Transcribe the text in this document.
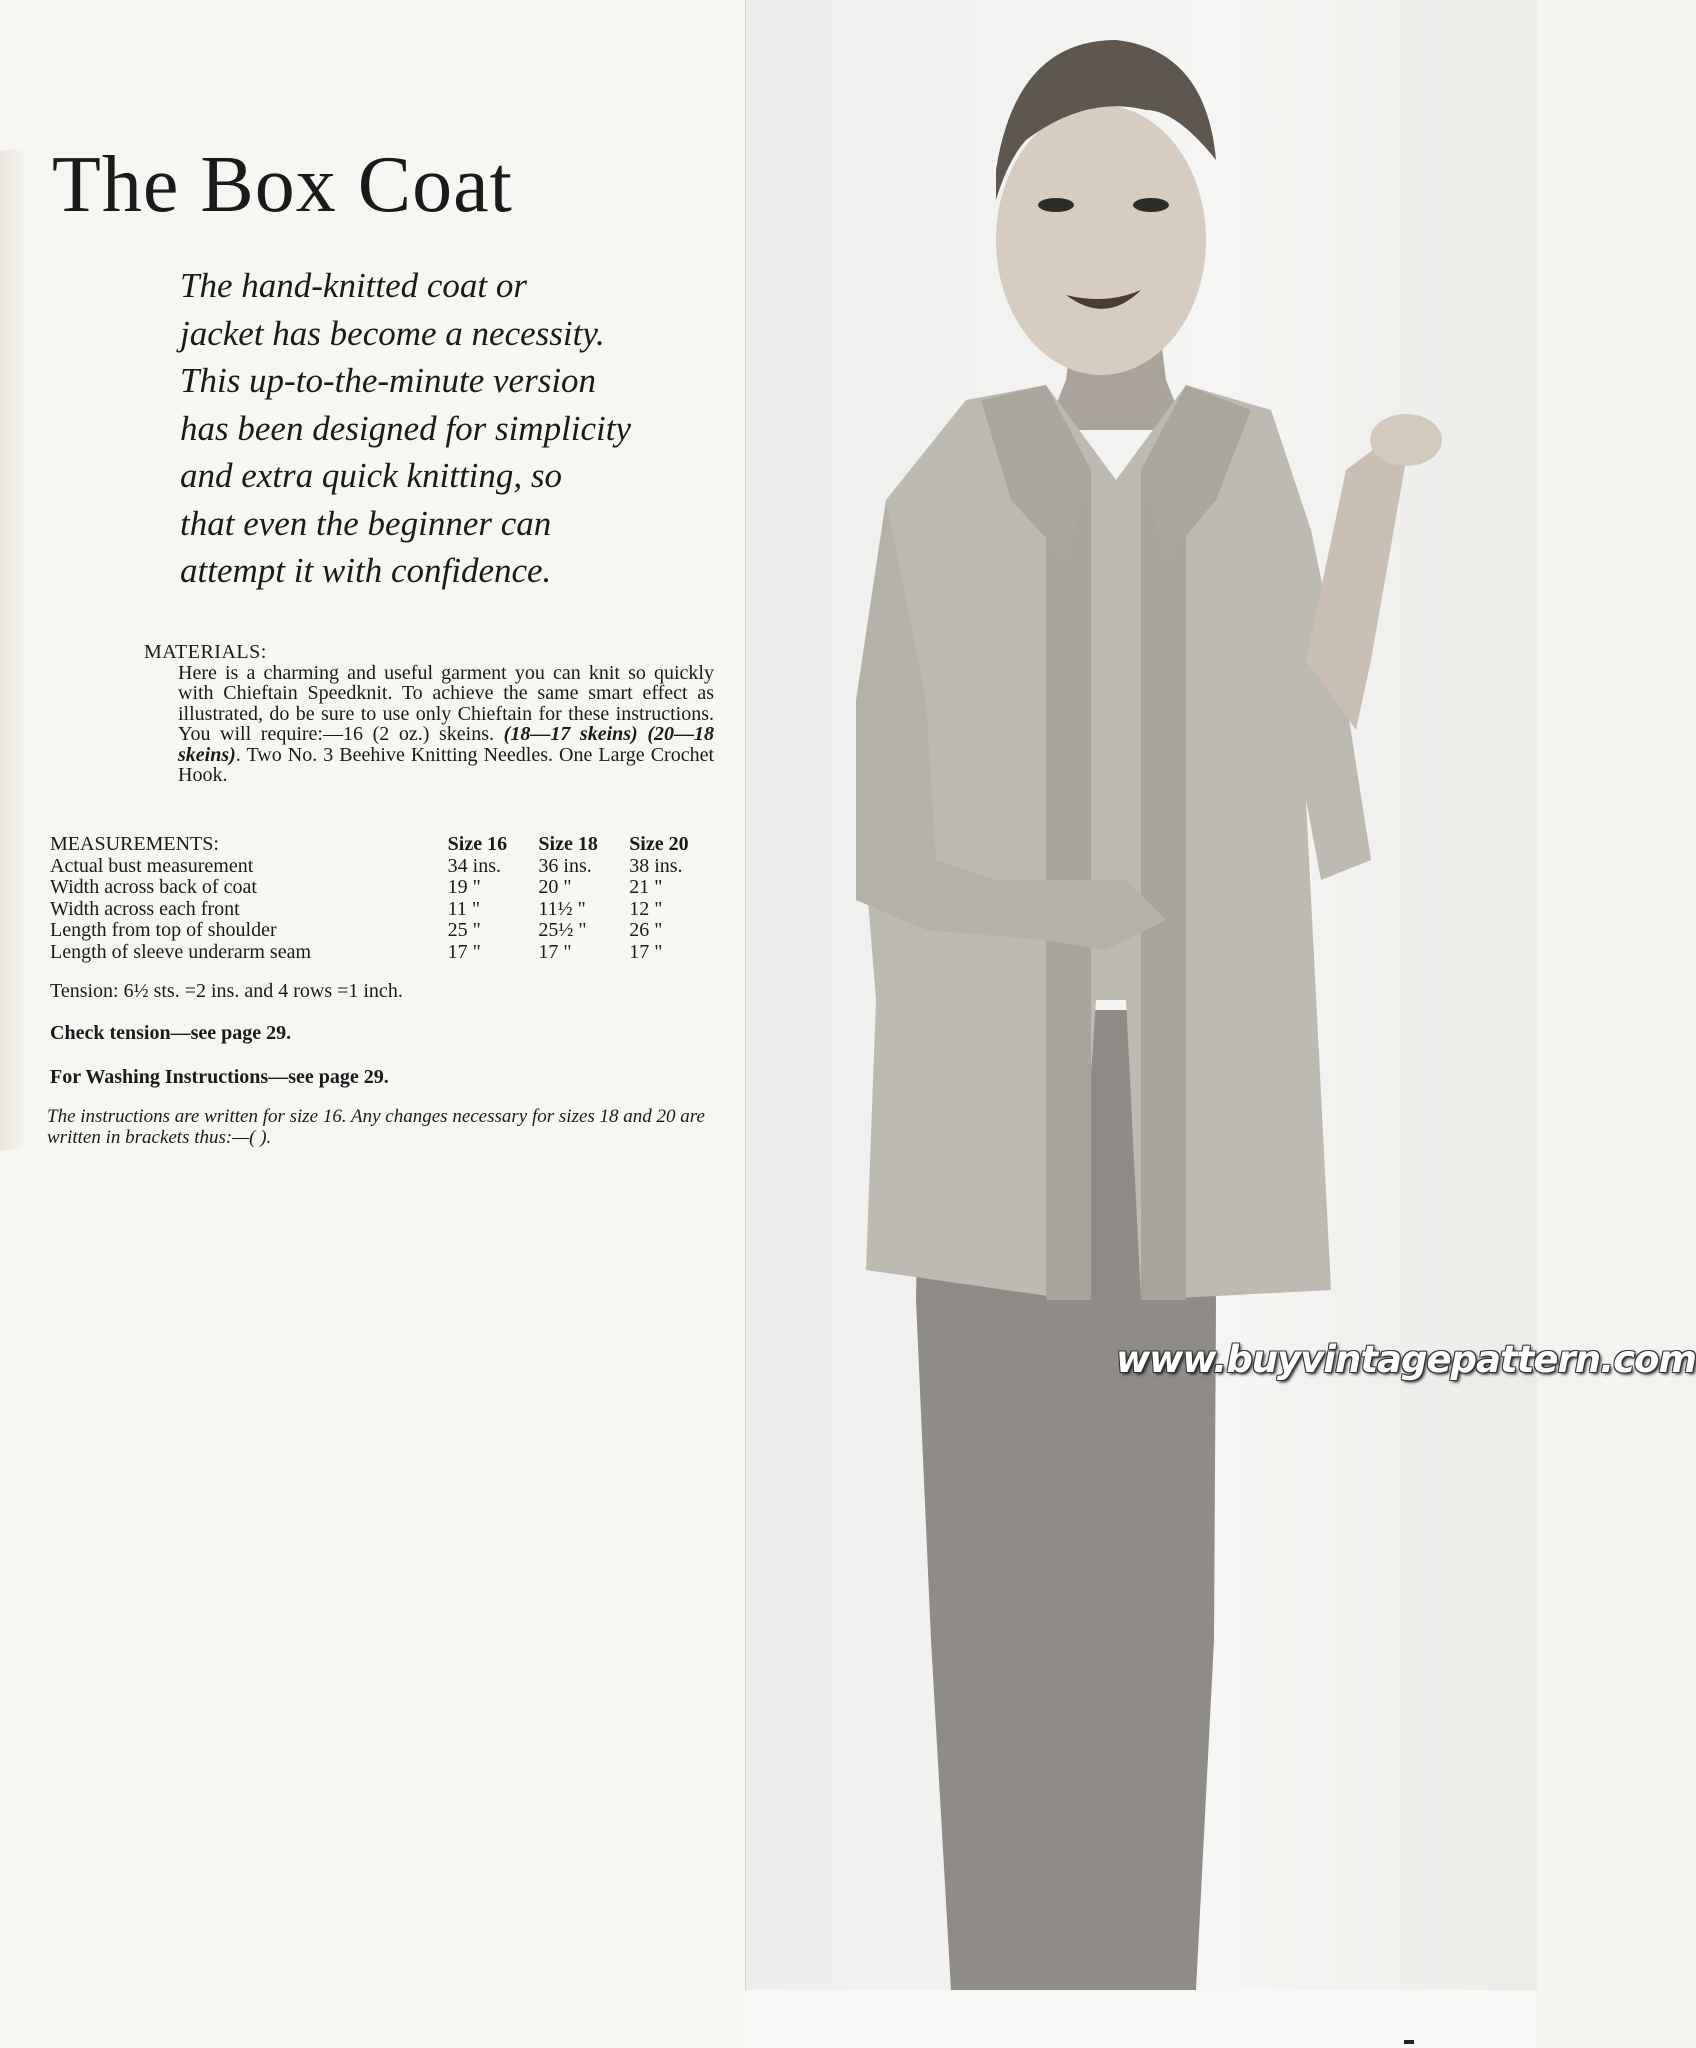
The Box Coat
The hand-knitted coat or
jacket has become a necessity.
This up-to-the-minute version
has been designed for simplicity
and extra quick knitting, so
that even the beginner can
attempt it with confidence.
MATERIALS:

Here is a charming and useful garment you can knit so quickly with Chieftain Speedknit. To achieve the same smart effect as illustrated, do be sure to use only Chieftain for these instructions. You will require:—16 (2 oz.) skeins. (18—17 skeins) (20—18 skeins). Two No. 3 Beehive Knitting Needles. One Large Crochet Hook.

MEASUREMENTS:	Size 16	Size 18	Size 20
Actual bust measurement	34 ins.	36 ins.	38 ins.
Width across back of coat	19 "	20 "	21 "
Width across each front	11 "	11½ "	12 "
Length from top of shoulder	25 "	25½ "	26 "
Length of sleeve underarm seam	17 "	17 "	17 "

Tension: 6½ sts. =2 ins. and 4 rows =1 inch.

Check tension—see page 29.

For Washing Instructions—see page 29.

The instructions are written for size 16. Any changes necessary for sizes 18 and 20 are written in brackets thus:—( ).

www.buyvintagepattern.com
